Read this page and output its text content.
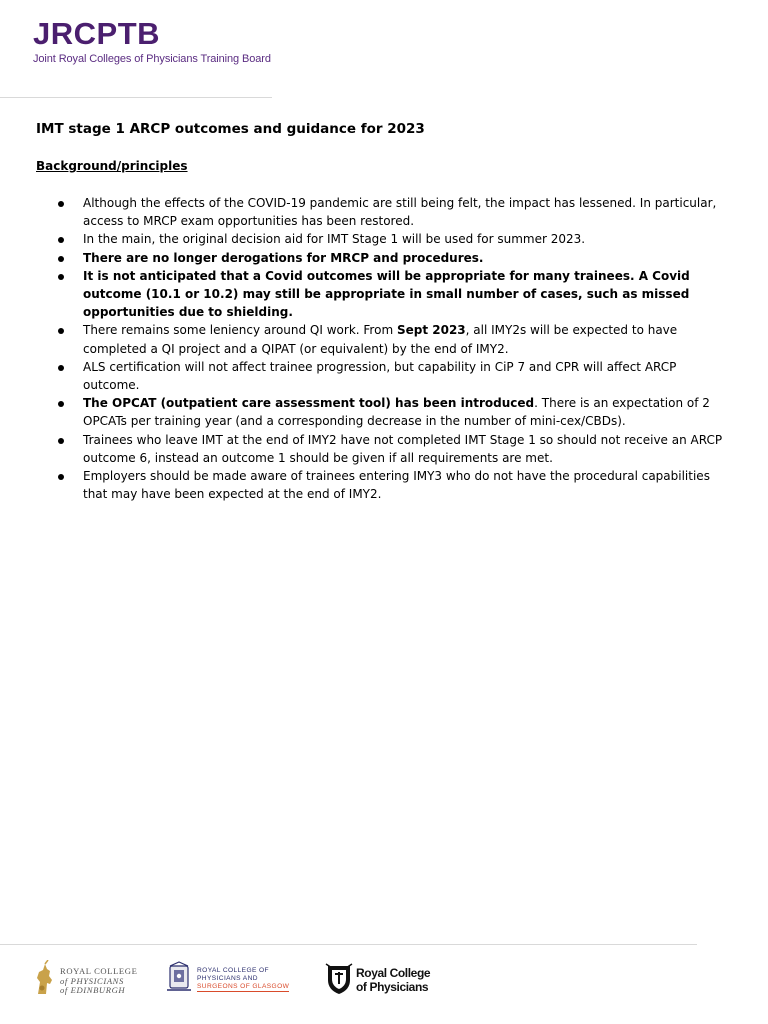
JRCPTB
Joint Royal Colleges of Physicians Training Board
IMT stage 1 ARCP outcomes and guidance for 2023
Background/principles
Although the effects of the COVID-19 pandemic are still being felt, the impact has lessened. In particular, access to MRCP exam opportunities has been restored.
In the main, the original decision aid for IMT Stage 1 will be used for summer 2023.
There are no longer derogations for MRCP and procedures.
It is not anticipated that a Covid outcomes will be appropriate for many trainees. A Covid outcome (10.1 or 10.2) may still be appropriate in small number of cases, such as missed opportunities due to shielding.
There remains some leniency around QI work. From Sept 2023, all IMY2s will be expected to have completed a QI project and a QIPAT (or equivalent) by the end of IMY2.
ALS certification will not affect trainee progression, but capability in CiP 7 and CPR will affect ARCP outcome.
The OPCAT (outpatient care assessment tool) has been introduced. There is an expectation of 2 OPCATs per training year (and a corresponding decrease in the number of mini-cex/CBDs).
Trainees who leave IMT at the end of IMY2 have not completed IMT Stage 1 so should not receive an ARCP outcome 6, instead an outcome 1 should be given if all requirements are met.
Employers should be made aware of trainees entering IMY3 who do not have the procedural capabilities that may have been expected at the end of IMY2.
ROYAL COLLEGE
of PHYSICIANS
of EDINBURGH
ROYAL COLLEGE OF
PHYSICIANS AND
SURGEONS OF GLASGOW
Royal College
of Physicians
